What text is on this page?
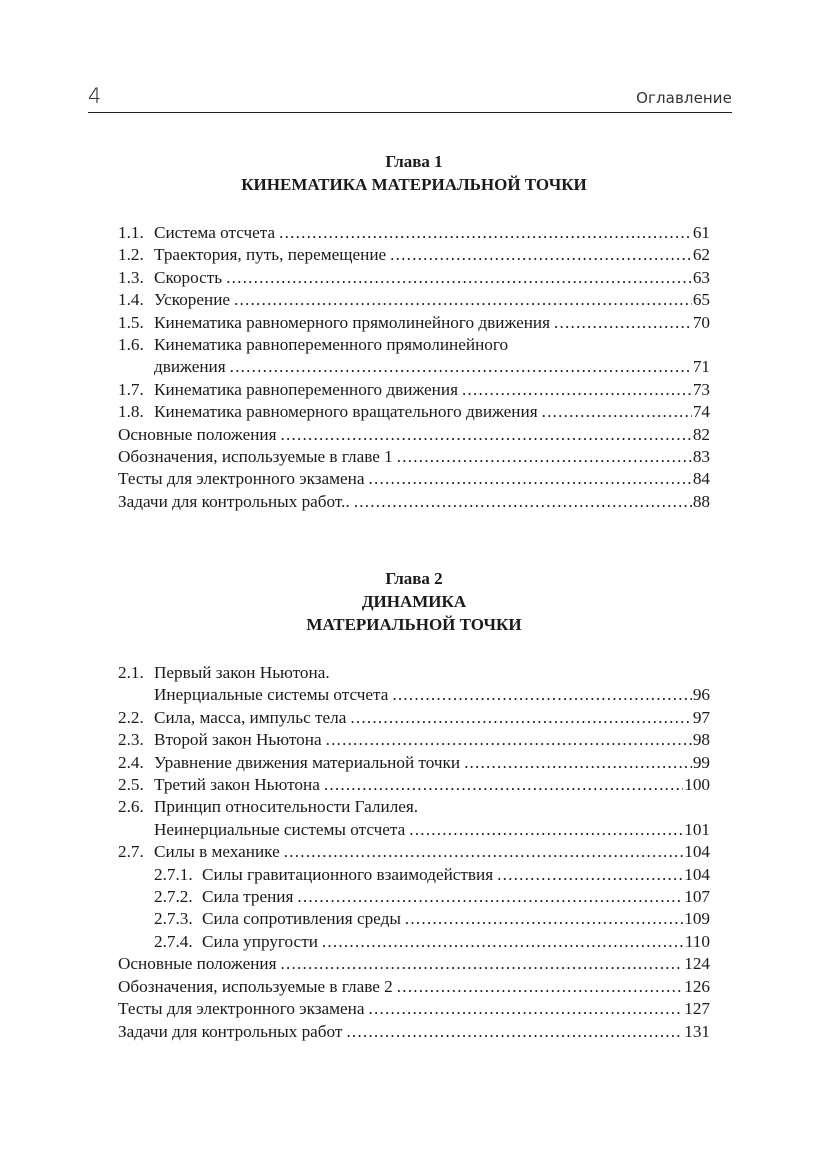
4	Оглавление
Глава 1
КИНЕМАТИКА МАТЕРИАЛЬНОЙ ТОЧКИ
1.1. Система отсчета .....	61
1.2. Траектория, путь, перемещение .....	62
1.3. Скорость .....	63
1.4. Ускорение .....	65
1.5. Кинематика равномерного прямолинейного движения .....	70
1.6. Кинематика равнопеременного прямолинейного
движения .....	71
1.7. Кинематика равнопеременного движения .....	73
1.8. Кинематика равномерного вращательного движения .....	74
Основные положения .....	82
Обозначения, используемые в главе 1 .....	83
Тесты для электронного экзамена .....	84
Задачи для контрольных работ.. .....	88
Глава 2
ДИНАМИКА
МАТЕРИАЛЬНОЙ ТОЧКИ
2.1. Первый закон Ньютона.
Инерциальные системы отсчета .....	96
2.2. Сила, масса, импульс тела .....	97
2.3. Второй закон Ньютона .....	98
2.4. Уравнение движения материальной точки .....	99
2.5. Третий закон Ньютона .....	100
2.6. Принцип относительности Галилея.
Неинерциальные системы отсчета .....	101
2.7. Силы в механике .....	104
2.7.1. Силы гравитационного взаимодействия .....	104
2.7.2. Сила трения .....	107
2.7.3. Сила сопротивления среды .....	109
2.7.4. Сила упругости .....	110
Основные положения .....	124
Обозначения, используемые в главе 2 .....	126
Тесты для электронного экзамена .....	127
Задачи для контрольных работ .....	131
